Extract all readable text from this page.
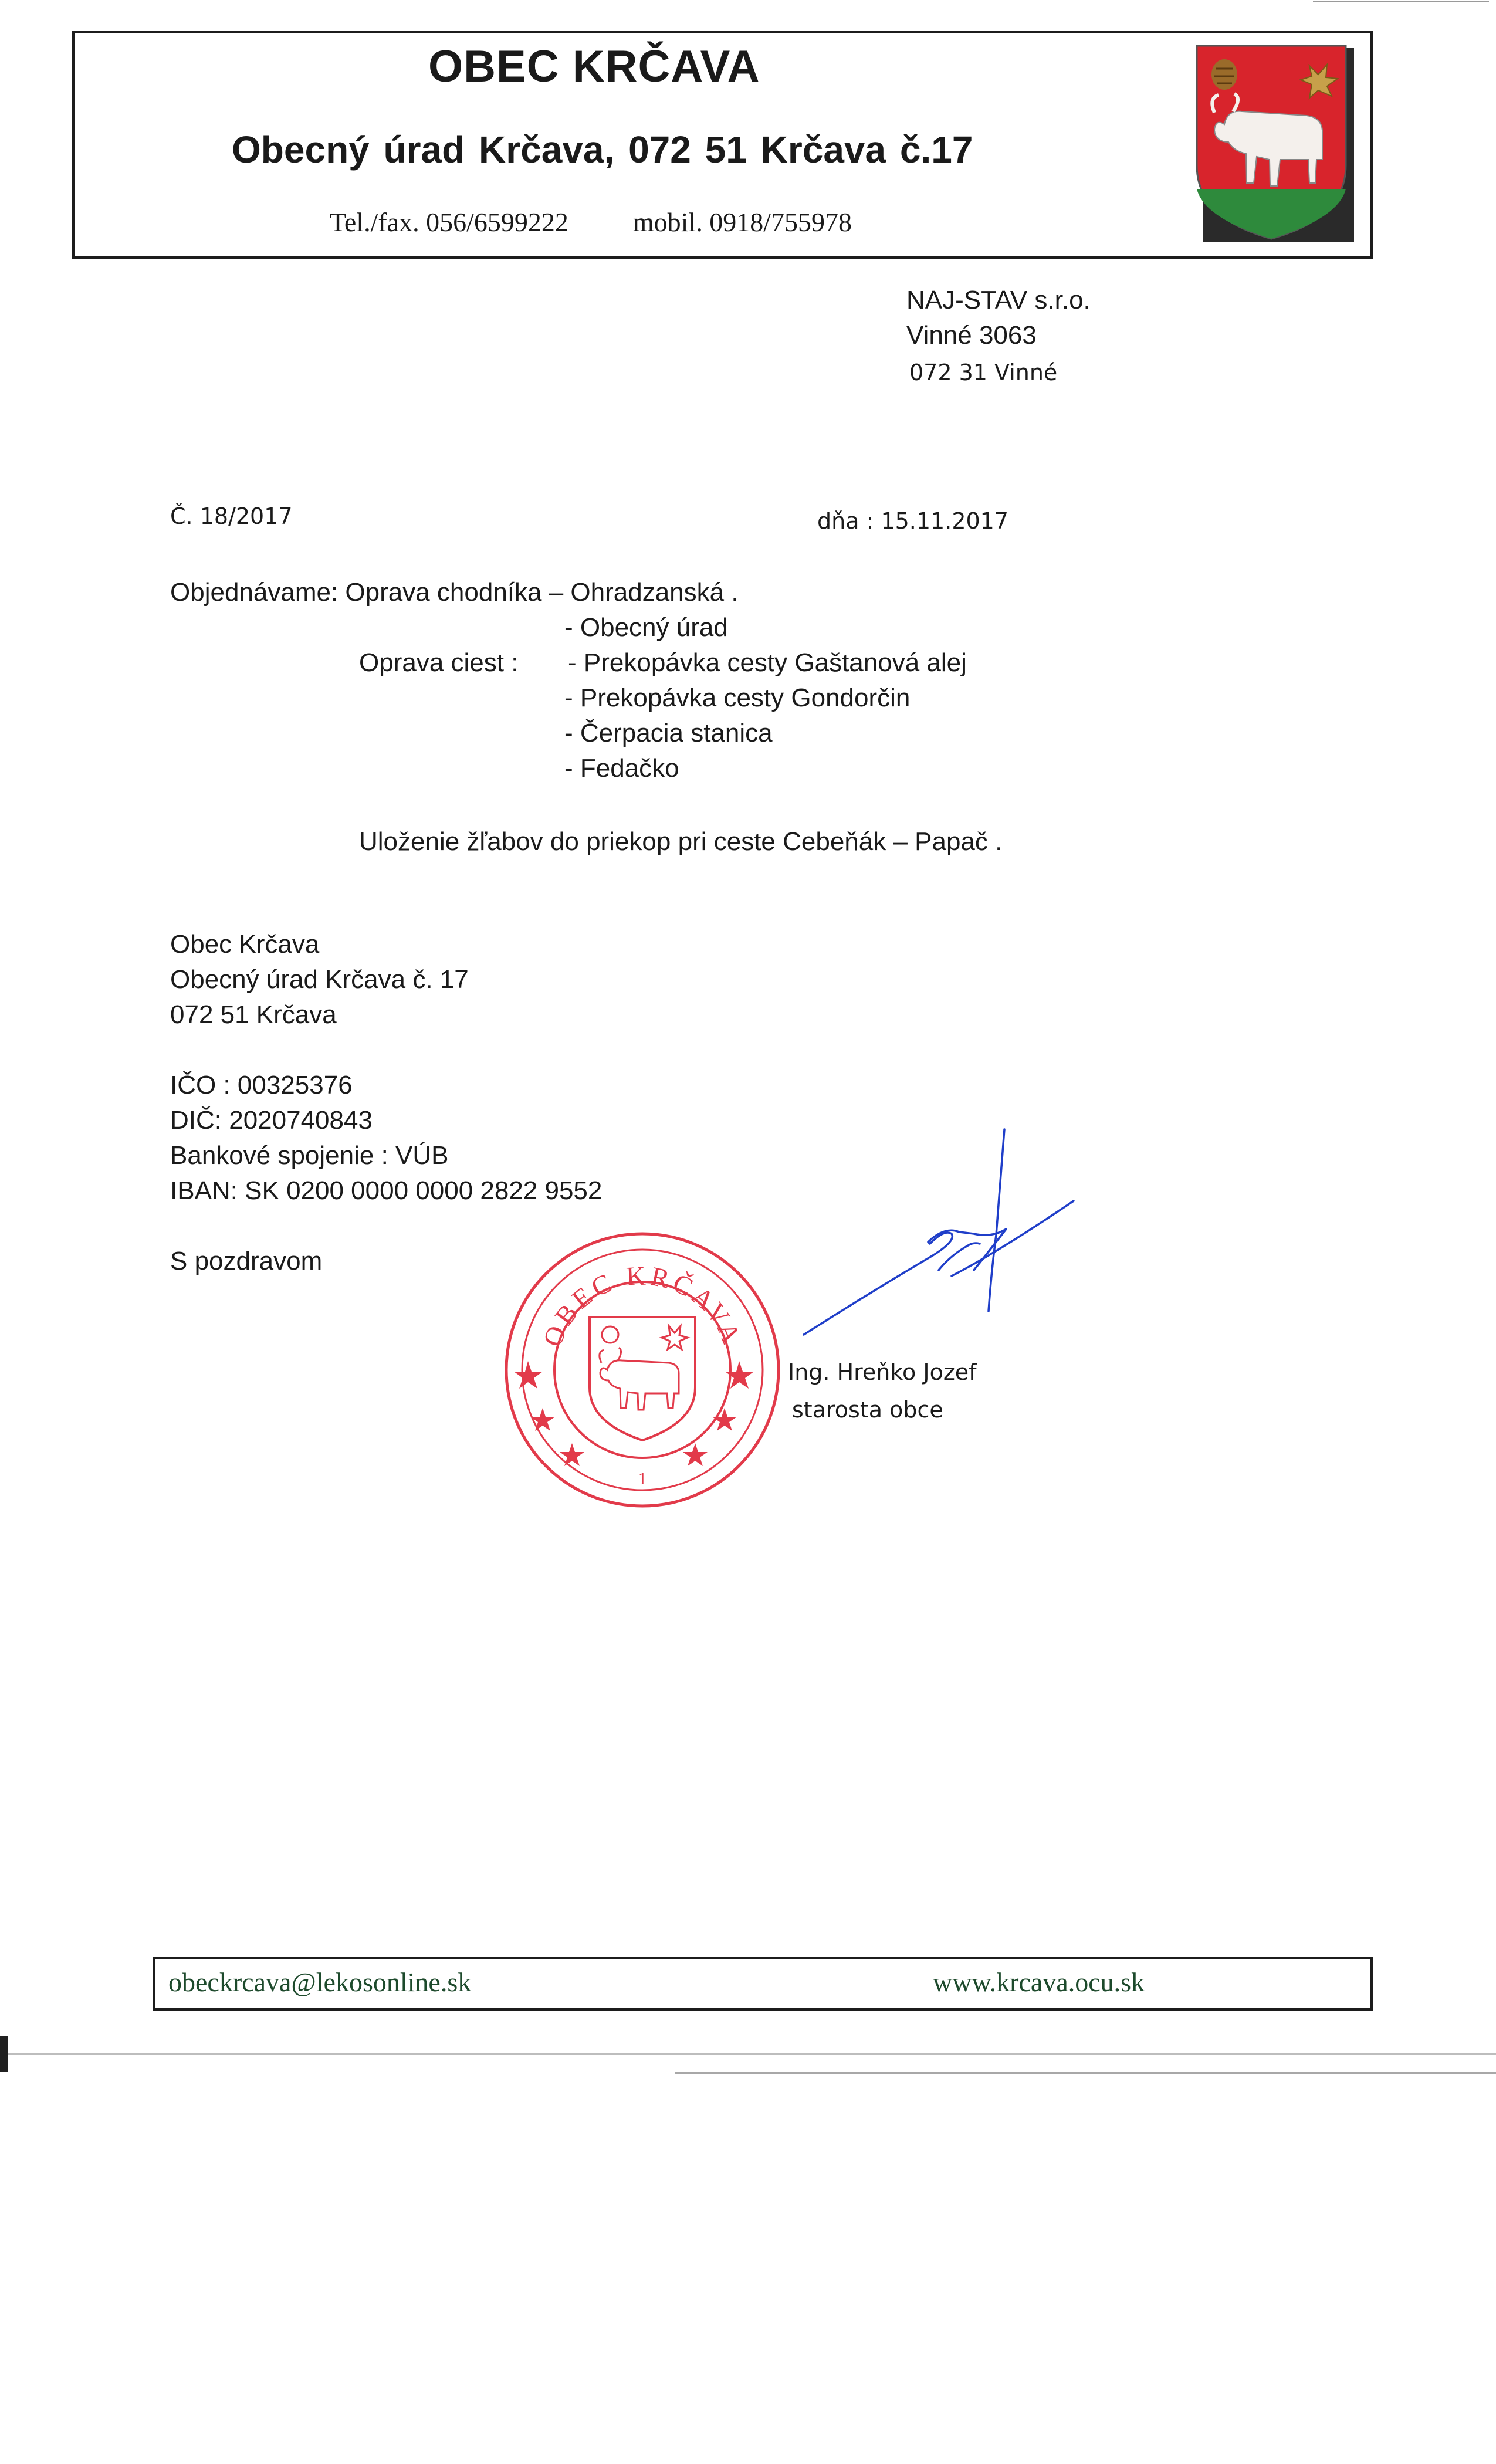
OBEC KRČAVA
Obecný úrad Krčava, 072 51 Krčava č.17
Tel./fax. 056/6599222 mobil. 0918/755978
NAJ-STAV s.r.o.
Vinné 3063
072 31 Vinné
Č. 18/2017	dňa : 15.11.2017
Objednávame: Oprava chodníka – Ohradzanská .
- Obecný úrad
Oprava ciest : - Prekopávka cesty Gaštanová alej
- Prekopávka cesty Gondorčin
- Čerpacia stanica
- Fedačko
Uloženie žľabov do priekop pri ceste Cebeňák – Papač .
Obec Krčava
Obecný úrad Krčava č. 17
072 51 Krčava
IČO : 00325376
DIČ: 2020740843
Bankové spojenie : VÚB
IBAN: SK 0200 0000 0000 2822 9552
S pozdravom
OBEC KRČAVA
1
Ing. Hreňko Jozef
starosta obce
obeckrcava@lekosonline.sk	www.krcava.ocu.sk
